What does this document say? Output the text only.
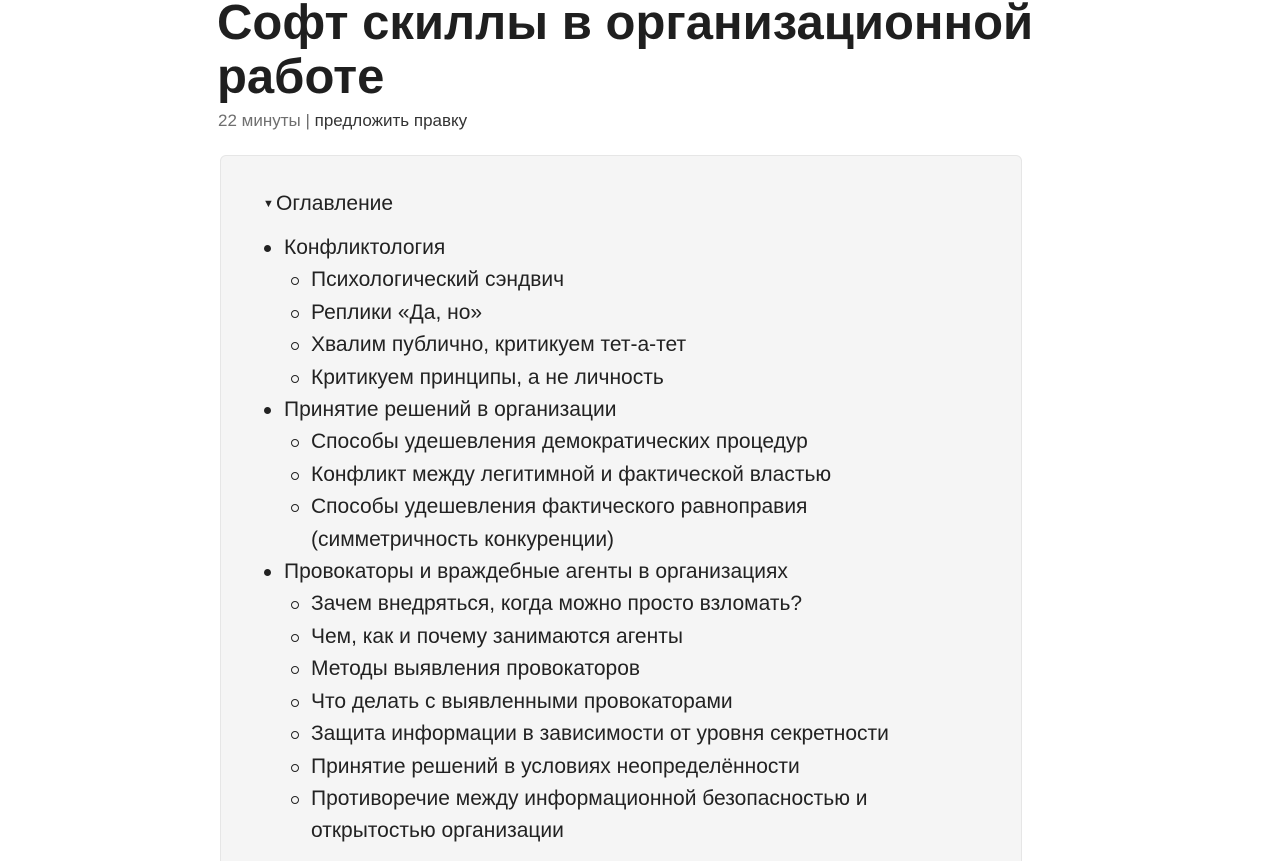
Софт скиллы в организационной работе
22 минуты | предложить правку
▼ Оглавление
Конфликтология
Психологический сэндвич
Реплики «Да, но»
Хвалим публично, критикуем тет-а-тет
Критикуем принципы, а не личность
Принятие решений в организации
Способы удешевления демократических процедур
Конфликт между легитимной и фактической властью
Способы удешевления фактического равноправия (симметричность конкуренции)
Провокаторы и враждебные агенты в организациях
Зачем внедряться, когда можно просто взломать?
Чем, как и почему занимаются агенты
Методы выявления провокаторов
Что делать с выявленными провокаторами
Защита информации в зависимости от уровня секретности
Принятие решений в условиях неопределённости
Противоречие между информационной безопасностью и открытостью организации
